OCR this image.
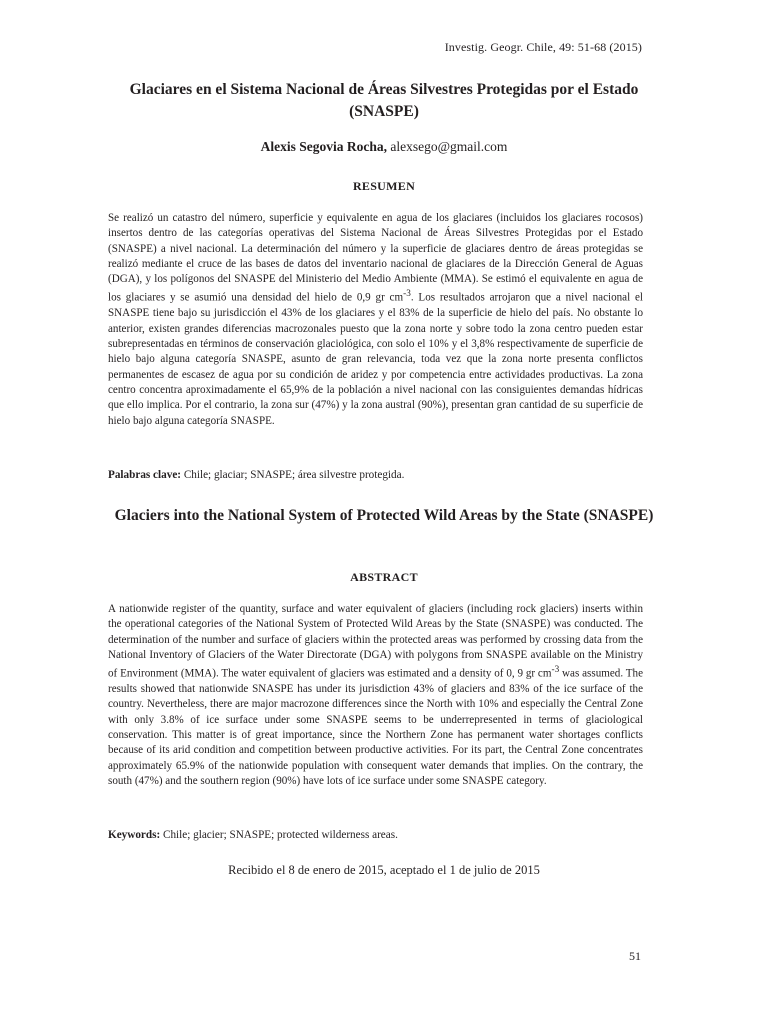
Investig. Geogr. Chile, 49: 51-68 (2015)
Glaciares en el Sistema Nacional de Áreas Silvestres Protegidas por el Estado (SNASPE)
Alexis Segovia Rocha, alexsego@gmail.com
RESUMEN

Se realizó un catastro del número, superficie y equivalente en agua de los glaciares (incluidos los glaciares rocosos) insertos dentro de las categorías operativas del Sistema Nacional de Áreas Silvestres Protegidas por el Estado (SNASPE) a nivel nacional. La determinación del número y la superficie de glaciares dentro de áreas protegidas se realizó mediante el cruce de las bases de datos del inventario nacional de glaciares de la Dirección General de Aguas (DGA), y los polígonos del SNASPE del Ministerio del Medio Ambiente (MMA). Se estimó el equivalente en agua de los glaciares y se asumió una densidad del hielo de 0,9 gr $cm^{-3}$. Los resultados arrojaron que a nivel nacional el SNASPE tiene bajo su jurisdicción el 43% de los glaciares y el 83% de la superficie de hielo del país. No obstante lo anterior, existen grandes diferencias macrozonales puesto que la zona norte y sobre todo la zona centro pueden estar subrepresentadas en términos de conservación glaciológica, con solo el 10% y el 3,8% respectivamente de superficie de hielo bajo alguna categoría SNASPE, asunto de gran relevancia, toda vez que la zona norte presenta conflictos permanentes de escasez de agua por su condición de aridez y por competencia entre actividades productivas. La zona centro concentra aproximadamente el 65,9% de la población a nivel nacional con las consiguientes demandas hídricas que ello implica. Por el contrario, la zona sur (47%) y la zona austral (90%), presentan gran cantidad de su superficie de hielo bajo alguna categoría SNASPE.

Palabras clave: Chile; glaciar; SNASPE; área silvestre protegida.
Glaciers into the National System of Protected Wild Areas by the State (SNASPE)
ABSTRACT

A nationwide register of the quantity, surface and water equivalent of glaciers (including rock glaciers) inserts within the operational categories of the National System of Protected Wild Areas by the State (SNASPE) was conducted. The determination of the number and surface of glaciers within the protected areas was performed by crossing data from the National Inventory of Glaciers of the Water Directorate (DGA) with polygons from SNASPE available on the Ministry of Environment (MMA). The water equivalent of glaciers was estimated and a density of 0, 9 gr $cm^{-3}$ was assumed. The results showed that nationwide SNASPE has under its jurisdiction 43% of glaciers and 83% of the ice surface of the country. Nevertheless, there are major macrozone differences since the North with 10% and especially the Central Zone with only 3.8% of ice surface under some SNASPE seems to be underrepresented in terms of glaciological conservation. This matter is of great importance, since the Northern Zone has permanent water shortages conflicts because of its arid condition and competition between productive activities. For its part, the Central Zone concentrates approximately 65.9% of the nationwide population with consequent water demands that implies. On the contrary, the south (47%) and the southern region (90%) have lots of ice surface under some SNASPE category.

Keywords: Chile; glacier; SNASPE; protected wilderness areas.
Recibido el 8 de enero de 2015, aceptado el 1 de julio de 2015
51
